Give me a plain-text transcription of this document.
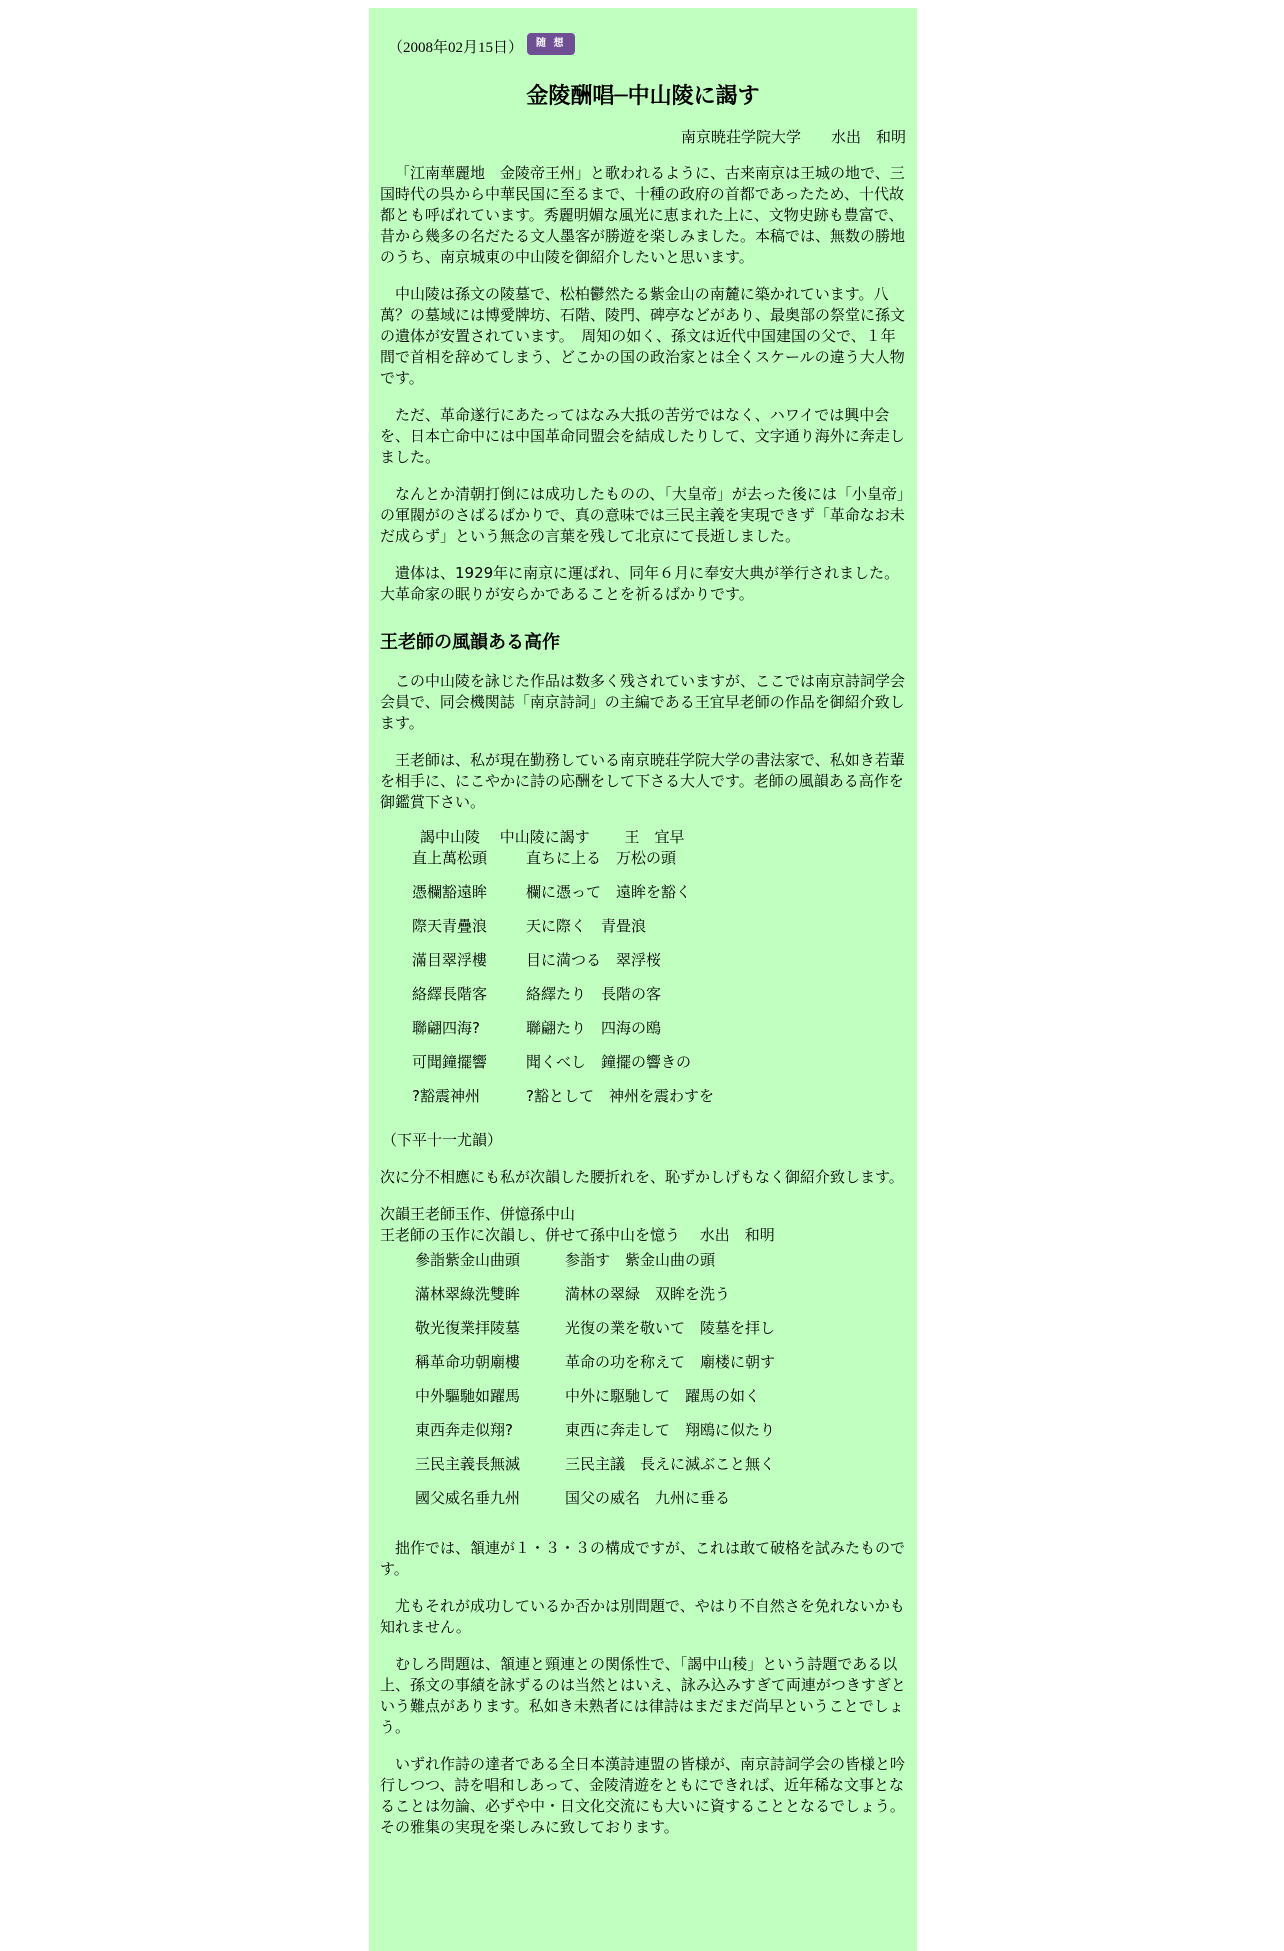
（2008年02月15日）	随 想
金陵酬唱─中山陵に謁す
南京暁荘学院大学　　水出　和明

「江南華麗地　金陵帝王州」と歌われるように、古来南京は王城の地で、三国時代の呉から中華民国に至るまで、十種の政府の首都であったため、十代故都とも呼ばれています。秀麗明媚な風光に恵まれた上に、文物史跡も豊富で、昔から幾多の名だたる文人墨客が勝遊を楽しみました。本稿では、無数の勝地のうち、南京城東の中山陵を御紹介したいと思います。

中山陵は孫文の陵墓で、松柏鬱然たる紫金山の南麓に築かれています。八萬？の墓域には博愛牌坊、石階、陵門、碑亭などがあり、最奥部の祭堂に孫文の遺体が安置されています。　周知の如く、孫文は近代中国建国の父で、１年間で首相を辞めてしまう、どこかの国の政治家とは全くスケールの違う大人物です。

ただ、革命遂行にあたってはなみ大抵の苦労ではなく、ハワイでは興中会を、日本亡命中には中国革命同盟会を結成したりして、文字通り海外に奔走しました。

なんとか清朝打倒には成功したものの、「大皇帝」が去った後には「小皇帝」の軍閥がのさばるばかりで、真の意味では三民主義を実現できず「革命なお未だ成らず」という無念の言葉を残して北京にて長逝しました。

遺体は、1929年に南京に運ばれ、同年６月に奉安大典が挙行されました。大革命家の眠りが安らかであることを祈るばかりです。

王老師の風韻ある高作

この中山陵を詠じた作品は数多く残されていますが、ここでは南京詩詞学会会員で、同会機関誌「南京詩詞」の主編である王宜早老師の作品を御紹介致します。

王老師は、私が現在勤務している南京暁荘学院大学の書法家で、私如き若輩を相手に、にこやかに詩の応酬をして下さる大人です。老師の風韻ある高作を御鑑賞下さい。

謁中山陵　 中山陵に謁す　　 王　宜早
直上萬松頭	直ちに上る　万松の頭
憑欄豁遠眸	欄に憑って　遠眸を豁く
際天青疊浪	天に際く　青畳浪
滿目翠浮樓	目に満つる　翠浮桜
絡繹長階客	絡繹たり　長階の客
聯翩四海?	聯翩たり　四海の鴎
可聞鐘擺響	聞くべし　鐘擺の響きの
?豁震神州	?豁として　神州を震わすを
（下平十一尤韻）

次に分不相應にも私が次韻した腰折れを、恥ずかしげもなく御紹介致します。

次韻王老師玉作、併憶孫中山
王老師の玉作に次韻し、併せて孫中山を憶う　 水出　和明
參詣紫金山曲頭	参詣す　紫金山曲の頭
滿林翠綠洗雙眸	満林の翠緑　双眸を洗う
敬光復業拝陵墓	光復の業を敬いて　陵墓を拝し
稱革命功朝廟樓	革命の功を称えて　廟楼に朝す
中外驅馳如躍馬	中外に駆馳して　躍馬の如く
東西奔走似翔?	東西に奔走して　翔鴎に似たり
三民主義長無滅	三民主議　長えに滅ぶこと無く
國父威名垂九州	国父の威名　九州に垂る

拙作では、頷連が１・３・３の構成ですが、これは敢て破格を試みたものです。

尤もそれが成功しているか否かは別問題で、やはり不自然さを免れないかも知れません。

むしろ問題は、頷連と頸連との関係性で、「謁中山稜」という詩題である以上、孫文の事績を詠ずるのは当然とはいえ、詠み込みすぎて両連がつきすぎという難点があります。私如き未熟者には律詩はまだまだ尚早ということでしょう。

いずれ作詩の達者である全日本漢詩連盟の皆様が、南京詩詞学会の皆様と吟行しつつ、詩を唱和しあって、金陵清遊をともにできれば、近年稀な文事となることは勿論、必ずや中・日文化交流にも大いに資することとなるでしょう。その雅集の実現を楽しみに致しております。
